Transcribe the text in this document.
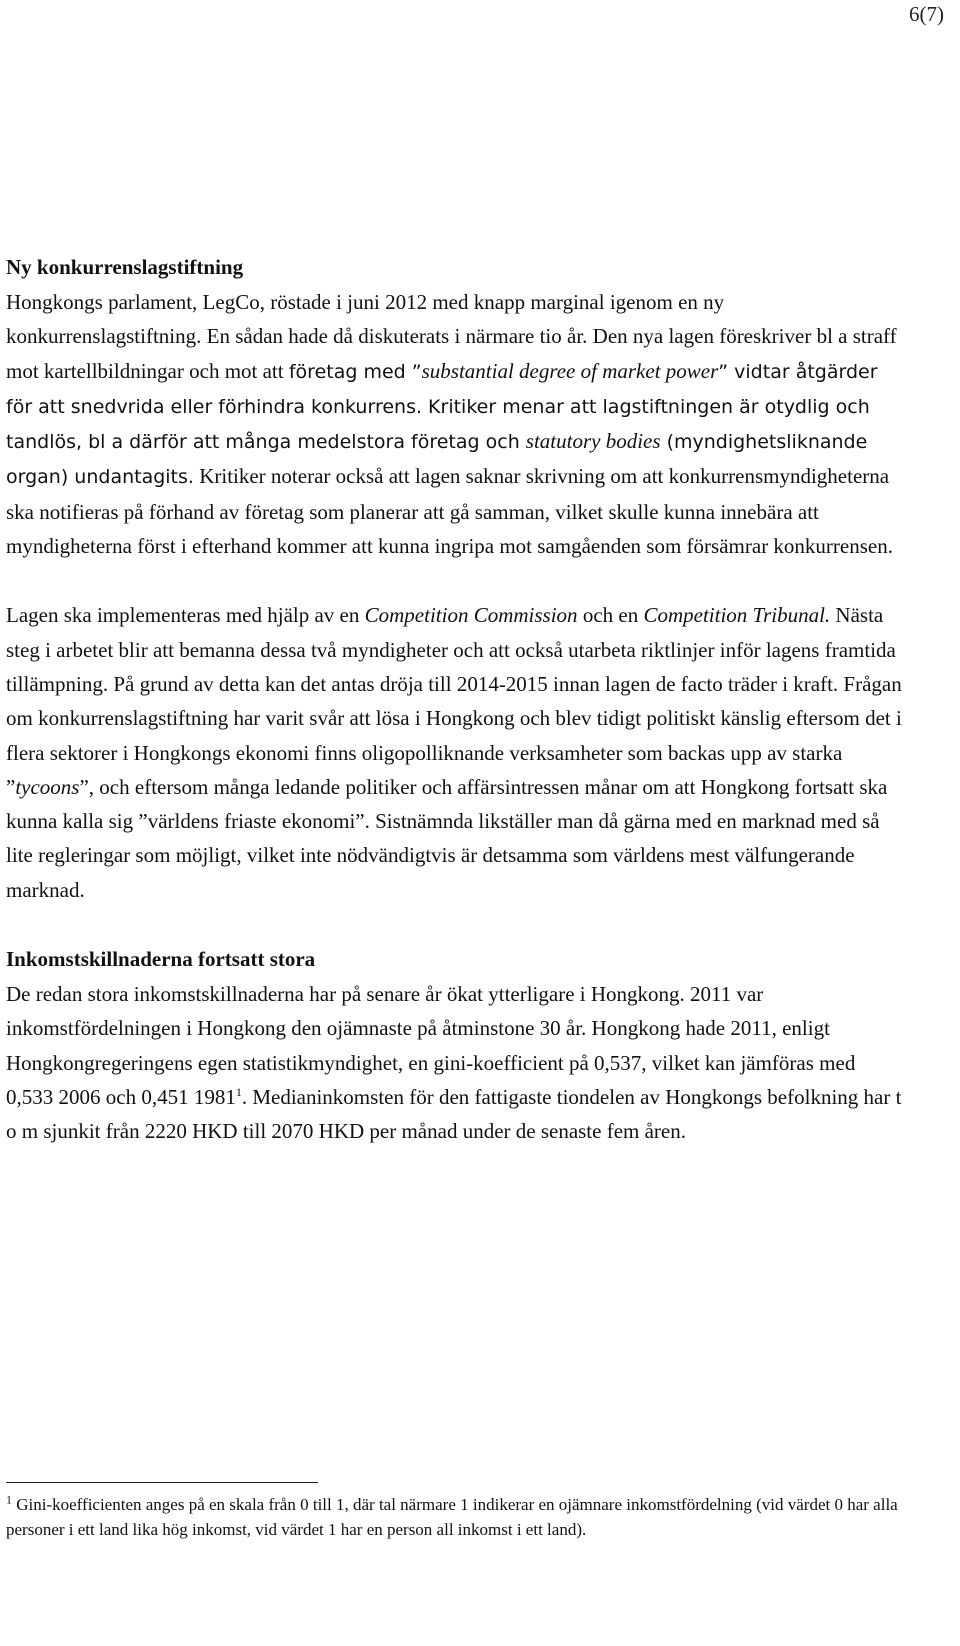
6(7)
Ny konkurrenslagstiftning

Hongkongs parlament, LegCo, röstade i juni 2012 med knapp marginal igenom en ny konkurrenslagstiftning. En sådan hade då diskuterats i närmare tio år. Den nya lagen föreskriver bl a straff mot kartellbildningar och mot att företag med ”substantial degree of market power” vidtar åtgärder för att snedvrida eller förhindra konkurrens. Kritiker menar att lagstiftningen är otydlig och tandlös, bl a därför att många medelstora företag och statutory bodies (myndighetsliknande organ) undantagits. Kritiker noterar också att lagen saknar skrivning om att konkurrensmyndigheterna ska notifieras på förhand av företag som planerar att gå samman, vilket skulle kunna innebära att myndigheterna först i efterhand kommer att kunna ingripa mot samgåenden som försämrar konkurrensen.

Lagen ska implementeras med hjälp av en Competition Commission och en Competition Tribunal. Nästa steg i arbetet blir att bemanna dessa två myndigheter och att också utarbeta riktlinjer inför lagens framtida tillämpning. På grund av detta kan det antas dröja till 2014-2015 innan lagen de facto träder i kraft. Frågan om konkurrenslagstiftning har varit svår att lösa i Hongkong och blev tidigt politiskt känslig eftersom det i flera sektorer i Hongkongs ekonomi finns oligopolliknande verksamheter som backas upp av starka ”tycoons”, och eftersom många ledande politiker och affärsintressen månar om att Hongkong fortsatt ska kunna kalla sig ”världens friaste ekonomi”. Sistnämnda likställer man då gärna med en marknad med så lite regleringar som möjligt, vilket inte nödvändigtvis är detsamma som världens mest välfungerande marknad.

Inkomstskillnaderna fortsatt stora

De redan stora inkomstskillnaderna har på senare år ökat ytterligare i Hongkong. 2011 var inkomstfördelningen i Hongkong den ojämnaste på åtminstone 30 år. Hongkong hade 2011, enligt Hongkongregeringens egen statistikmyndighet, en gini-koefficient på 0,537, vilket kan jämföras med 0,533 2006 och 0,451 1981$^1$. Medianinkomsten för den fattigaste tiondelen av Hongkongs befolkning har t o m sjunkit från 2220 HKD till 2070 HKD per månad under de senaste fem åren.

$^1$ Gini-koefficienten anges på en skala från 0 till 1, där tal närmare 1 indikerar en ojämnare inkomstfördelning (vid värdet 0 har alla personer i ett land lika hög inkomst, vid värdet 1 har en person all inkomst i ett land).
